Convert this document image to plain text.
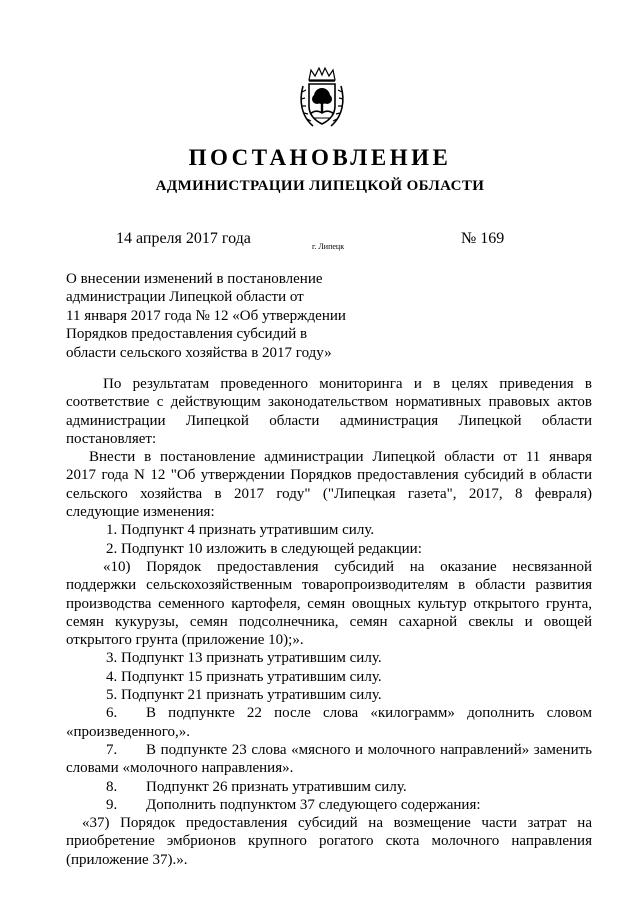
ПОСТАНОВЛЕНИЕ
АДМИНИСТРАЦИИ ЛИПЕЦКОЙ ОБЛАСТИ
14 апреля 2017 года	г. Липецк	№ 169
О внесении изменений в постановление
администрации Липецкой области от
11 января 2017 года № 12 «Об утверждении
Порядков предоставления субсидий в
области сельского хозяйства в 2017 году»

По результатам проведенного мониторинга и в целях приведения в

соответствие с действующим законодательством нормативных правовых актов

администрации Липецкой области администрация Липецкой области

постановляет:

Внести в постановление администрации Липецкой области от 11 января

2017 года N 12 "Об утверждении Порядков предоставления субсидий в области

сельского хозяйства в 2017 году" ("Липецкая газета", 2017, 8 февраля)

следующие изменения:

1. Подпункт 4 признать утратившим силу.

2. Подпункт 10 изложить в следующей редакции:

«10) Порядок предоставления субсидий на оказание несвязанной

поддержки сельскохозяйственным товаропроизводителям в области развития

производства семенного картофеля, семян овощных культур открытого грунта,

семян кукурузы, семян подсолнечника, семян сахарной свеклы и овощей

открытого грунта (приложение 10);».

3. Подпункт 13 признать утратившим силу.

4. Подпункт 15 признать утратившим силу.

5. Подпункт 21 признать утратившим силу.

6. В подпункте 22 после слова «килограмм» дополнить словом

«произведенного,».

7. В подпункте 23 слова «мясного и молочного направлений» заменить

словами «молочного направления».

8. Подпункт 26 признать утратившим силу.

9. Дополнить подпунктом 37 следующего содержания:

«37) Порядок предоставления субсидий на возмещение части затрат на

приобретение эмбрионов крупного рогатого скота молочного направления

(приложение 37).».
